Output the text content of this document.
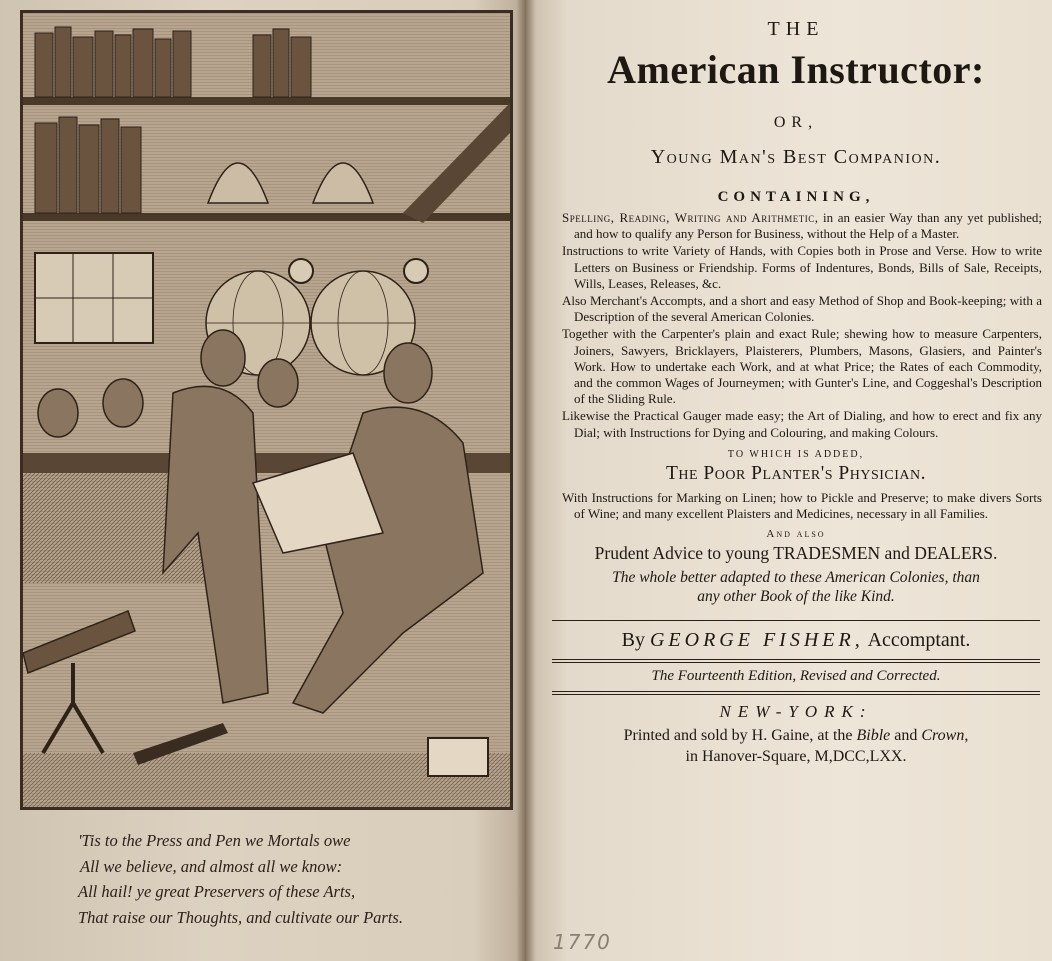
'Tis to the Press and Pen we Mortals owe
All we believe, and almost all we know:
All hail! ye great Preservers of these Arts,
That raise our Thoughts, and cultivate our Parts.
THE
American Instructor:
OR,
Young Man's Best Companion.
CONTAINING,

Spelling, Reading, Writing and Arithmetic, in an easier Way than any yet published; and how to qualify any Person for Business, without the Help of a Master.

Instructions to write Variety of Hands, with Copies both in Prose and Verse. How to write Letters on Business or Friendship. Forms of Indentures, Bonds, Bills of Sale, Receipts, Wills, Leases, Releases, &c.

Also Merchant's Accompts, and a short and easy Method of Shop and Book-keeping; with a Description of the several American Colonies.

Together with the Carpenter's plain and exact Rule; shewing how to measure Carpenters, Joiners, Sawyers, Bricklayers, Plaisterers, Plumbers, Masons, Glasiers, and Painter's Work. How to undertake each Work, and at what Price; the Rates of each Commodity, and the common Wages of Journeymen; with Gunter's Line, and Coggeshal's Description of the Sliding Rule.

Likewise the Practical Gauger made easy; the Art of Dialing, and how to erect and fix any Dial; with Instructions for Dying and Colouring, and making Colours.

TO WHICH IS ADDED,
The Poor Planter's Physician.

With Instructions for Marking on Linen; how to Pickle and Preserve; to make divers Sorts of Wine; and many excellent Plaisters and Medicines, necessary in all Families.

And also
Prudent Advice to young TRADESMEN and DEALERS.
The whole better adapted to these American Colonies, than
any other Book of the like Kind.
By GEORGE FISHER, Accomptant.
The Fourteenth Edition, Revised and Corrected.
NEW-YORK:
Printed and sold by H. Gaine, at the Bible and Crown,
in Hanover-Square, M,DCC,LXX.
1770
